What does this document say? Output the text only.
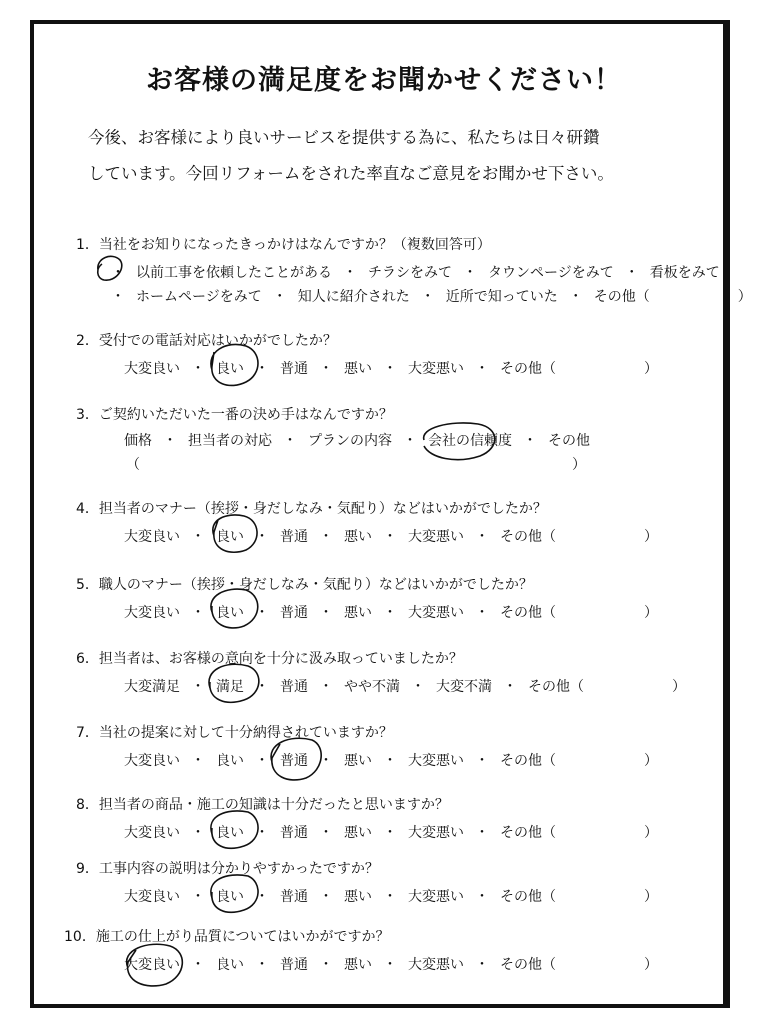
お客様の満足度をお聞かせください！
今後、お客様により良いサービスを提供する為に、私たちは日々研鑽
しています。今回リフォームをされた率直なご意見をお聞かせ下さい。
1．当社をお知りになったきっかけはなんですか？（複数回答可）
・ 以前工事を依頼したことがある ・ チラシをみて ・ タウンページをみて ・ 看板をみて
・ ホームページをみて ・ 知人に紹介された ・ 近所で知っていた ・ その他（	）
2．受付での電話対応はいかがでしたか？
大変良い ・ 良い ・ 普通 ・ 悪い ・ 大変悪い ・ その他（	）
3．ご契約いただいた一番の決め手はなんですか？
価格 ・ 担当者の対応 ・ プランの内容 ・ 会社の信頼度 ・ その他
（	）
4．担当者のマナー（挨拶・身だしなみ・気配り）などはいかがでしたか？
大変良い ・ 良い ・ 普通 ・ 悪い ・ 大変悪い ・ その他（	）
5．職人のマナー（挨拶・身だしなみ・気配り）などはいかがでしたか？
大変良い ・ 良い ・ 普通 ・ 悪い ・ 大変悪い ・ その他（	）
6．担当者は、お客様の意向を十分に汲み取っていましたか？
大変満足 ・ 満足 ・ 普通 ・ やや不満 ・ 大変不満 ・ その他（	）
7．当社の提案に対して十分納得されていますか？
大変良い ・ 良い ・ 普通 ・ 悪い ・ 大変悪い ・ その他（	）
8．担当者の商品・施工の知識は十分だったと思いますか？
大変良い ・ 良い ・ 普通 ・ 悪い ・ 大変悪い ・ その他（	）
9．工事内容の説明は分かりやすかったですか？
大変良い ・ 良い ・ 普通 ・ 悪い ・ 大変悪い ・ その他（	）
10．施工の仕上がり品質についてはいかがですか？
大変良い ・ 良い ・ 普通 ・ 悪い ・ 大変悪い ・ その他（	）
